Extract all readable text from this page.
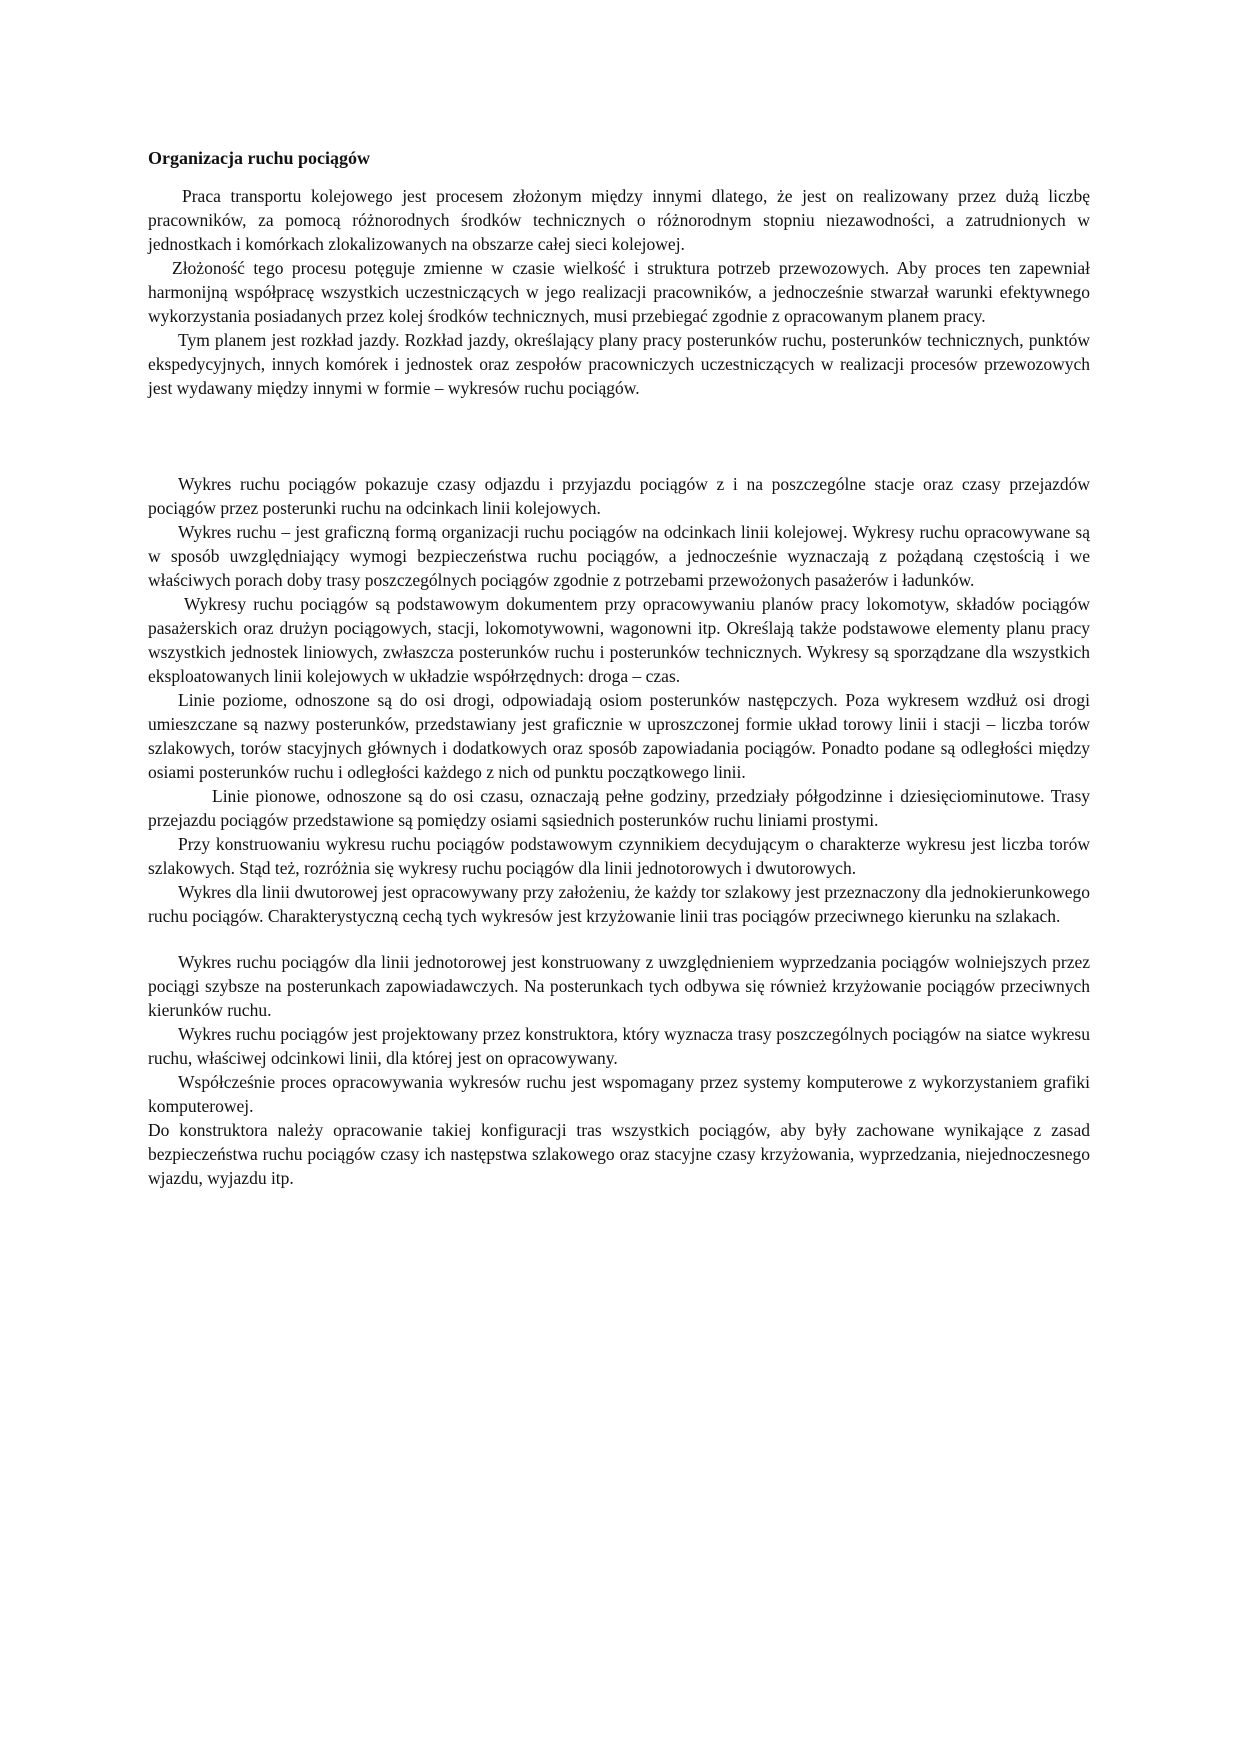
Organizacja ruchu pociągów

Praca transportu kolejowego jest procesem złożonym między innymi dlatego, że jest on realizowany przez dużą liczbę pracowników, za pomocą różnorodnych środków technicznych o różnorodnym stopniu niezawodności, a zatrudnionych w jednostkach i komórkach zlokalizowanych na obszarze całej sieci kolejowej.

Złożoność tego procesu potęguje zmienne w czasie wielkość i struktura potrzeb przewozowych. Aby proces ten zapewniał harmonijną współpracę wszystkich uczestniczących w jego realizacji pracowników, a jednocześnie stwarzał warunki efektywnego wykorzystania posiadanych przez kolej środków technicznych, musi przebiegać zgodnie z opracowanym planem pracy.

Tym planem jest rozkład jazdy. Rozkład jazdy, określający plany pracy posterunków ruchu, posterunków technicznych, punktów ekspedycyjnych, innych komórek i jednostek oraz zespołów pracowniczych uczestniczących w realizacji procesów przewozowych jest wydawany między innymi w formie – wykresów ruchu pociągów.

Wykres ruchu pociągów pokazuje czasy odjazdu i przyjazdu pociągów z i na poszczególne stacje oraz czasy przejazdów pociągów przez posterunki ruchu na odcinkach linii kolejowych.

Wykres ruchu – jest graficzną formą organizacji ruchu pociągów na odcinkach linii kolejowej. Wykresy ruchu opracowywane są w sposób uwzględniający wymogi bezpieczeństwa ruchu pociągów, a jednocześnie wyznaczają z pożądaną częstością i we właściwych porach doby trasy poszczególnych pociągów zgodnie z potrzebami przewożonych pasażerów i ładunków.

Wykresy ruchu pociągów są podstawowym dokumentem przy opracowywaniu planów pracy lokomotyw, składów pociągów pasażerskich oraz drużyn pociągowych, stacji, lokomotywowni, wagonowni itp. Określają także podstawowe elementy planu pracy wszystkich jednostek liniowych, zwłaszcza posterunków ruchu i posterunków technicznych. Wykresy są sporządzane dla wszystkich eksploatowanych linii kolejowych w układzie współrzędnych: droga – czas.

Linie poziome, odnoszone są do osi drogi, odpowiadają osiom posterunków następczych. Poza wykresem wzdłuż osi drogi umieszczane są nazwy posterunków, przedstawiany jest graficznie w uproszczonej formie układ torowy linii i stacji – liczba torów szlakowych, torów stacyjnych głównych i dodatkowych oraz sposób zapowiadania pociągów. Ponadto podane są odległości między osiami posterunków ruchu i odległości każdego z nich od punktu początkowego linii.

Linie pionowe, odnoszone są do osi czasu, oznaczają pełne godziny, przedziały półgodzinne i dziesięciominutowe. Trasy przejazdu pociągów przedstawione są pomiędzy osiami sąsiednich posterunków ruchu liniami prostymi.

Przy konstruowaniu wykresu ruchu pociągów podstawowym czynnikiem decydującym o charakterze wykresu jest liczba torów szlakowych. Stąd też, rozróżnia się wykresy ruchu pociągów dla linii jednotorowych i dwutorowych.

Wykres dla linii dwutorowej jest opracowywany przy założeniu, że każdy tor szlakowy jest przeznaczony dla jednokierunkowego ruchu pociągów. Charakterystyczną cechą tych wykresów jest krzyżowanie linii tras pociągów przeciwnego kierunku na szlakach.

Wykres ruchu pociągów dla linii jednotorowej jest konstruowany z uwzględnieniem wyprzedzania pociągów wolniejszych przez pociągi szybsze na posterunkach zapowiadawczych. Na posterunkach tych odbywa się również krzyżowanie pociągów przeciwnych kierunków ruchu.

Wykres ruchu pociągów jest projektowany przez konstruktora, który wyznacza trasy poszczególnych pociągów na siatce wykresu ruchu, właściwej odcinkowi linii, dla której jest on opracowywany.

Współcześnie proces opracowywania wykresów ruchu jest wspomagany przez systemy komputerowe z wykorzystaniem grafiki komputerowej.

Do konstruktora należy opracowanie takiej konfiguracji tras wszystkich pociągów, aby były zachowane wynikające z zasad bezpieczeństwa ruchu pociągów czasy ich następstwa szlakowego oraz stacyjne czasy krzyżowania, wyprzedzania, niejednoczesnego wjazdu, wyjazdu itp.
